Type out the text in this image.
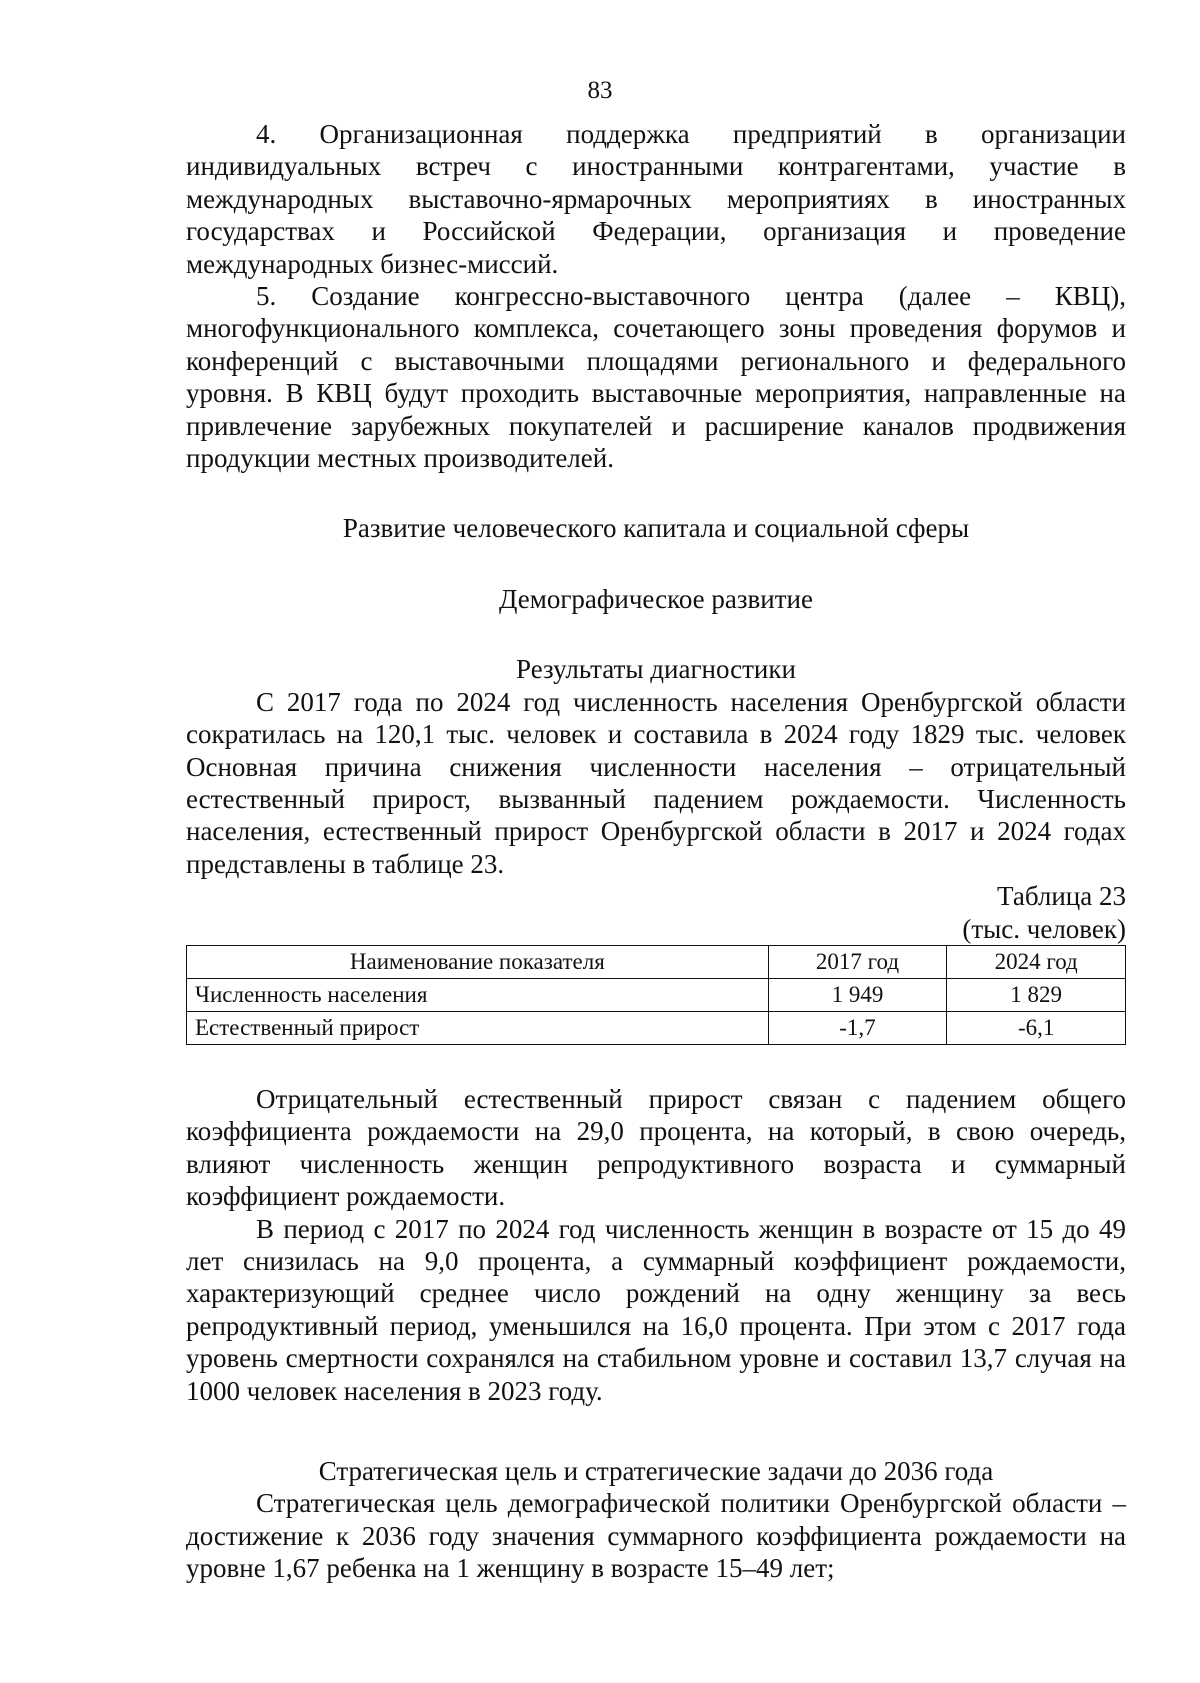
83

4. Организационная поддержка предприятий в организации индивидуальных встреч с иностранными контрагентами, участие в международных выставочно-ярмарочных мероприятиях в иностранных государствах и Российской Федерации, организация и проведение международных бизнес-миссий.

5. Создание конгрессно-выставочного центра (далее – КВЦ), многофункционального комплекса, сочетающего зоны проведения форумов и конференций с выставочными площадями регионального и федерального уровня. В КВЦ будут проходить выставочные мероприятия, направленные на привлечение зарубежных покупателей и расширение каналов продвижения продукции местных производителей.

Развитие человеческого капитала и социальной сферы
Демографическое развитие
Результаты диагностики

С 2017 года по 2024 год численность населения Оренбургской области сократилась на 120,1 тыс. человек и составила в 2024 году 1829 тыс. человек Основная причина снижения численности населения – отрицательный естественный прирост, вызванный падением рождаемости. Численность населения, естественный прирост Оренбургской области в 2017 и 2024 годах представлены в таблице 23.

Таблица 23
(тыс. человек)
Наименование показателя	2017 год	2024 год
Численность населения	1 949	1 829
Естественный прирост	-1,7	-6,1

Отрицательный естественный прирост связан с падением общего коэффициента рождаемости на 29,0 процента, на который, в свою очередь, влияют численность женщин репродуктивного возраста и суммарный коэффициент рождаемости.

В период с 2017 по 2024 год численность женщин в возрасте от 15 до 49 лет снизилась на 9,0 процента, а суммарный коэффициент рождаемости, характеризующий среднее число рождений на одну женщину за весь репродуктивный период, уменьшился на 16,0 процента. При этом с 2017 года уровень смертности сохранялся на стабильном уровне и составил 13,7 случая на 1000 человек населения в 2023 году.

Стратегическая цель и стратегические задачи до 2036 года

Стратегическая цель демографической политики Оренбургской области – достижение к 2036 году значения суммарного коэффициента рождаемости на уровне 1,67 ребенка на 1 женщину в возрасте 15–49 лет;
